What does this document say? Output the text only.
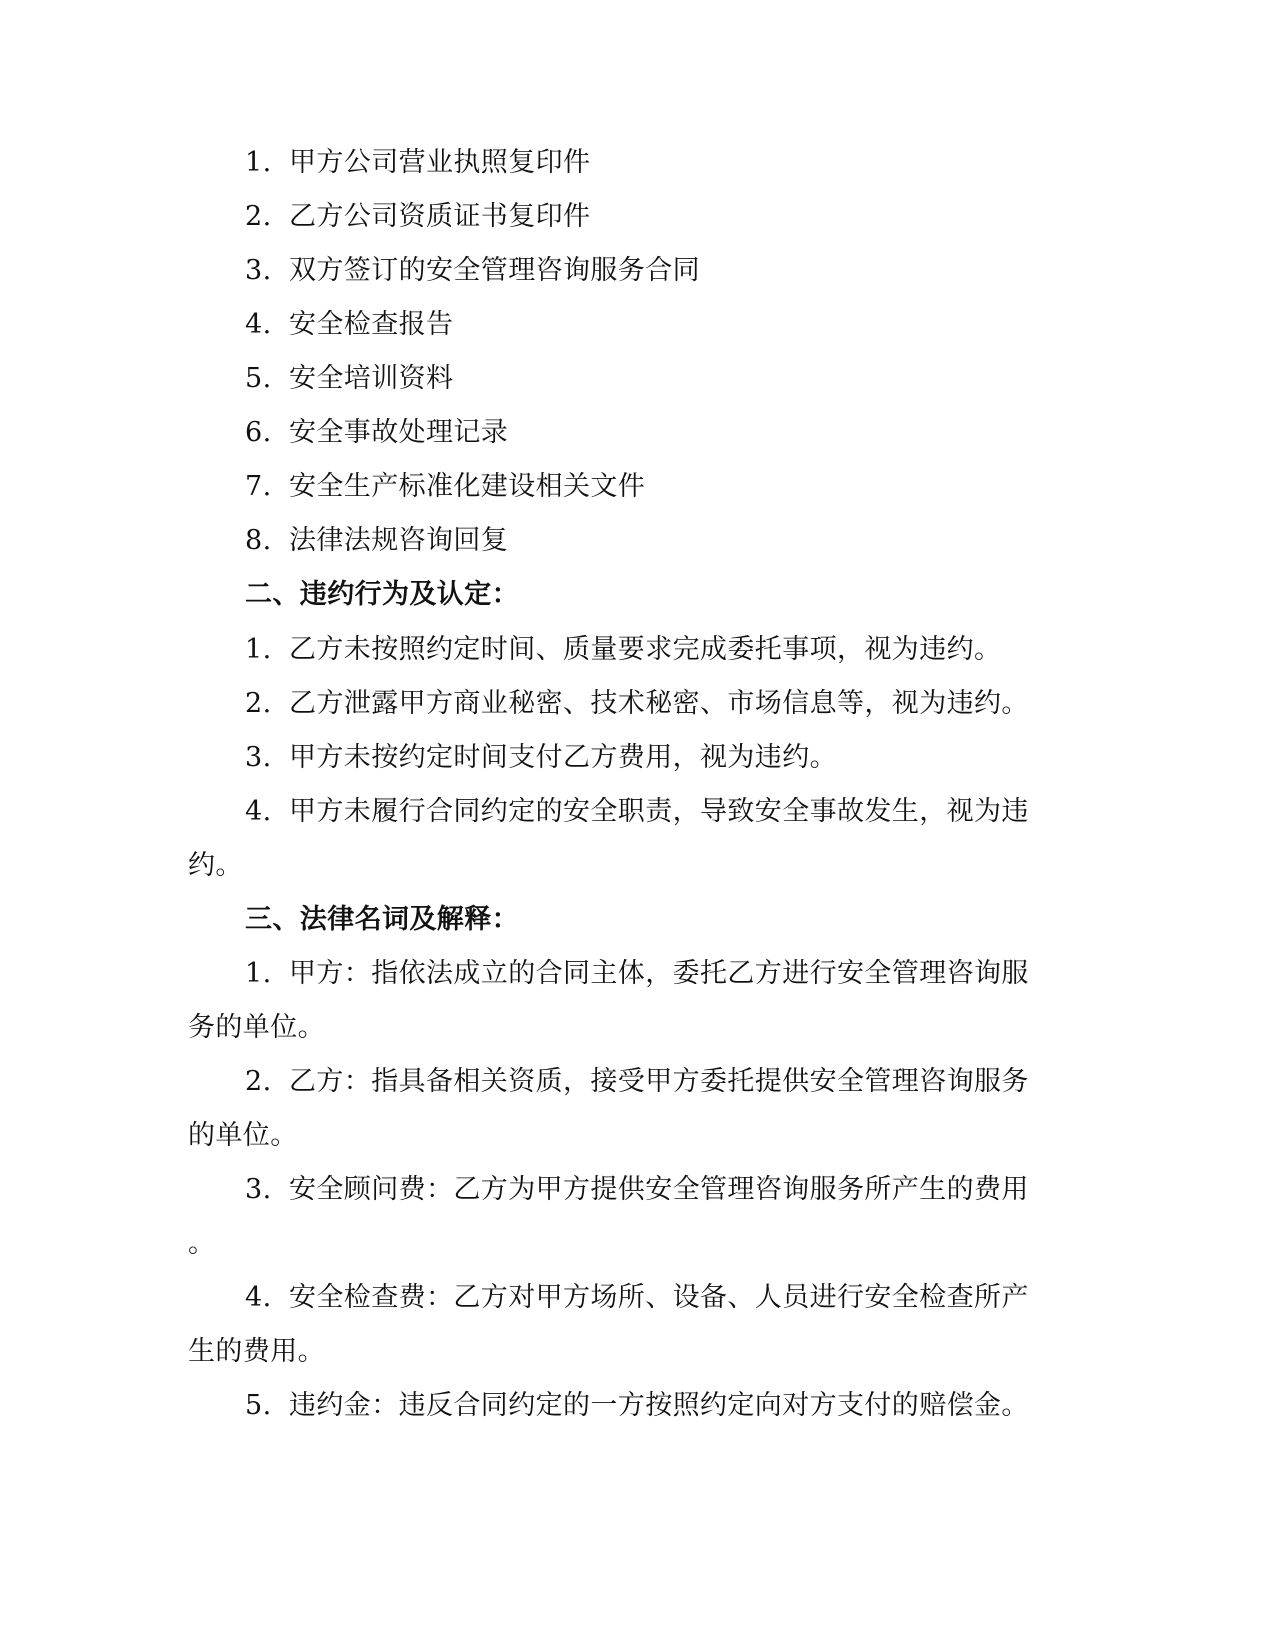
1. 甲方公司营业执照复印件
2. 乙方公司资质证书复印件
3. 双方签订的安全管理咨询服务合同
4. 安全检查报告
5. 安全培训资料
6. 安全事故处理记录
7. 安全生产标准化建设相关文件
8. 法律法规咨询回复
二、违约行为及认定：
1. 乙方未按照约定时间、质量要求完成委托事项，视为违约。
2. 乙方泄露甲方商业秘密、技术秘密、市场信息等，视为违约。
3. 甲方未按约定时间支付乙方费用，视为违约。
4. 甲方未履行合同约定的安全职责，导致安全事故发生，视为违
约。
三、法律名词及解释：
1. 甲方：指依法成立的合同主体，委托乙方进行安全管理咨询服
务的单位。
2. 乙方：指具备相关资质，接受甲方委托提供安全管理咨询服务
的单位。
3. 安全顾问费：乙方为甲方提供安全管理咨询服务所产生的费用
。
4. 安全检查费：乙方对甲方场所、设备、人员进行安全检查所产
生的费用。
5. 违约金：违反合同约定的一方按照约定向对方支付的赔偿金。
